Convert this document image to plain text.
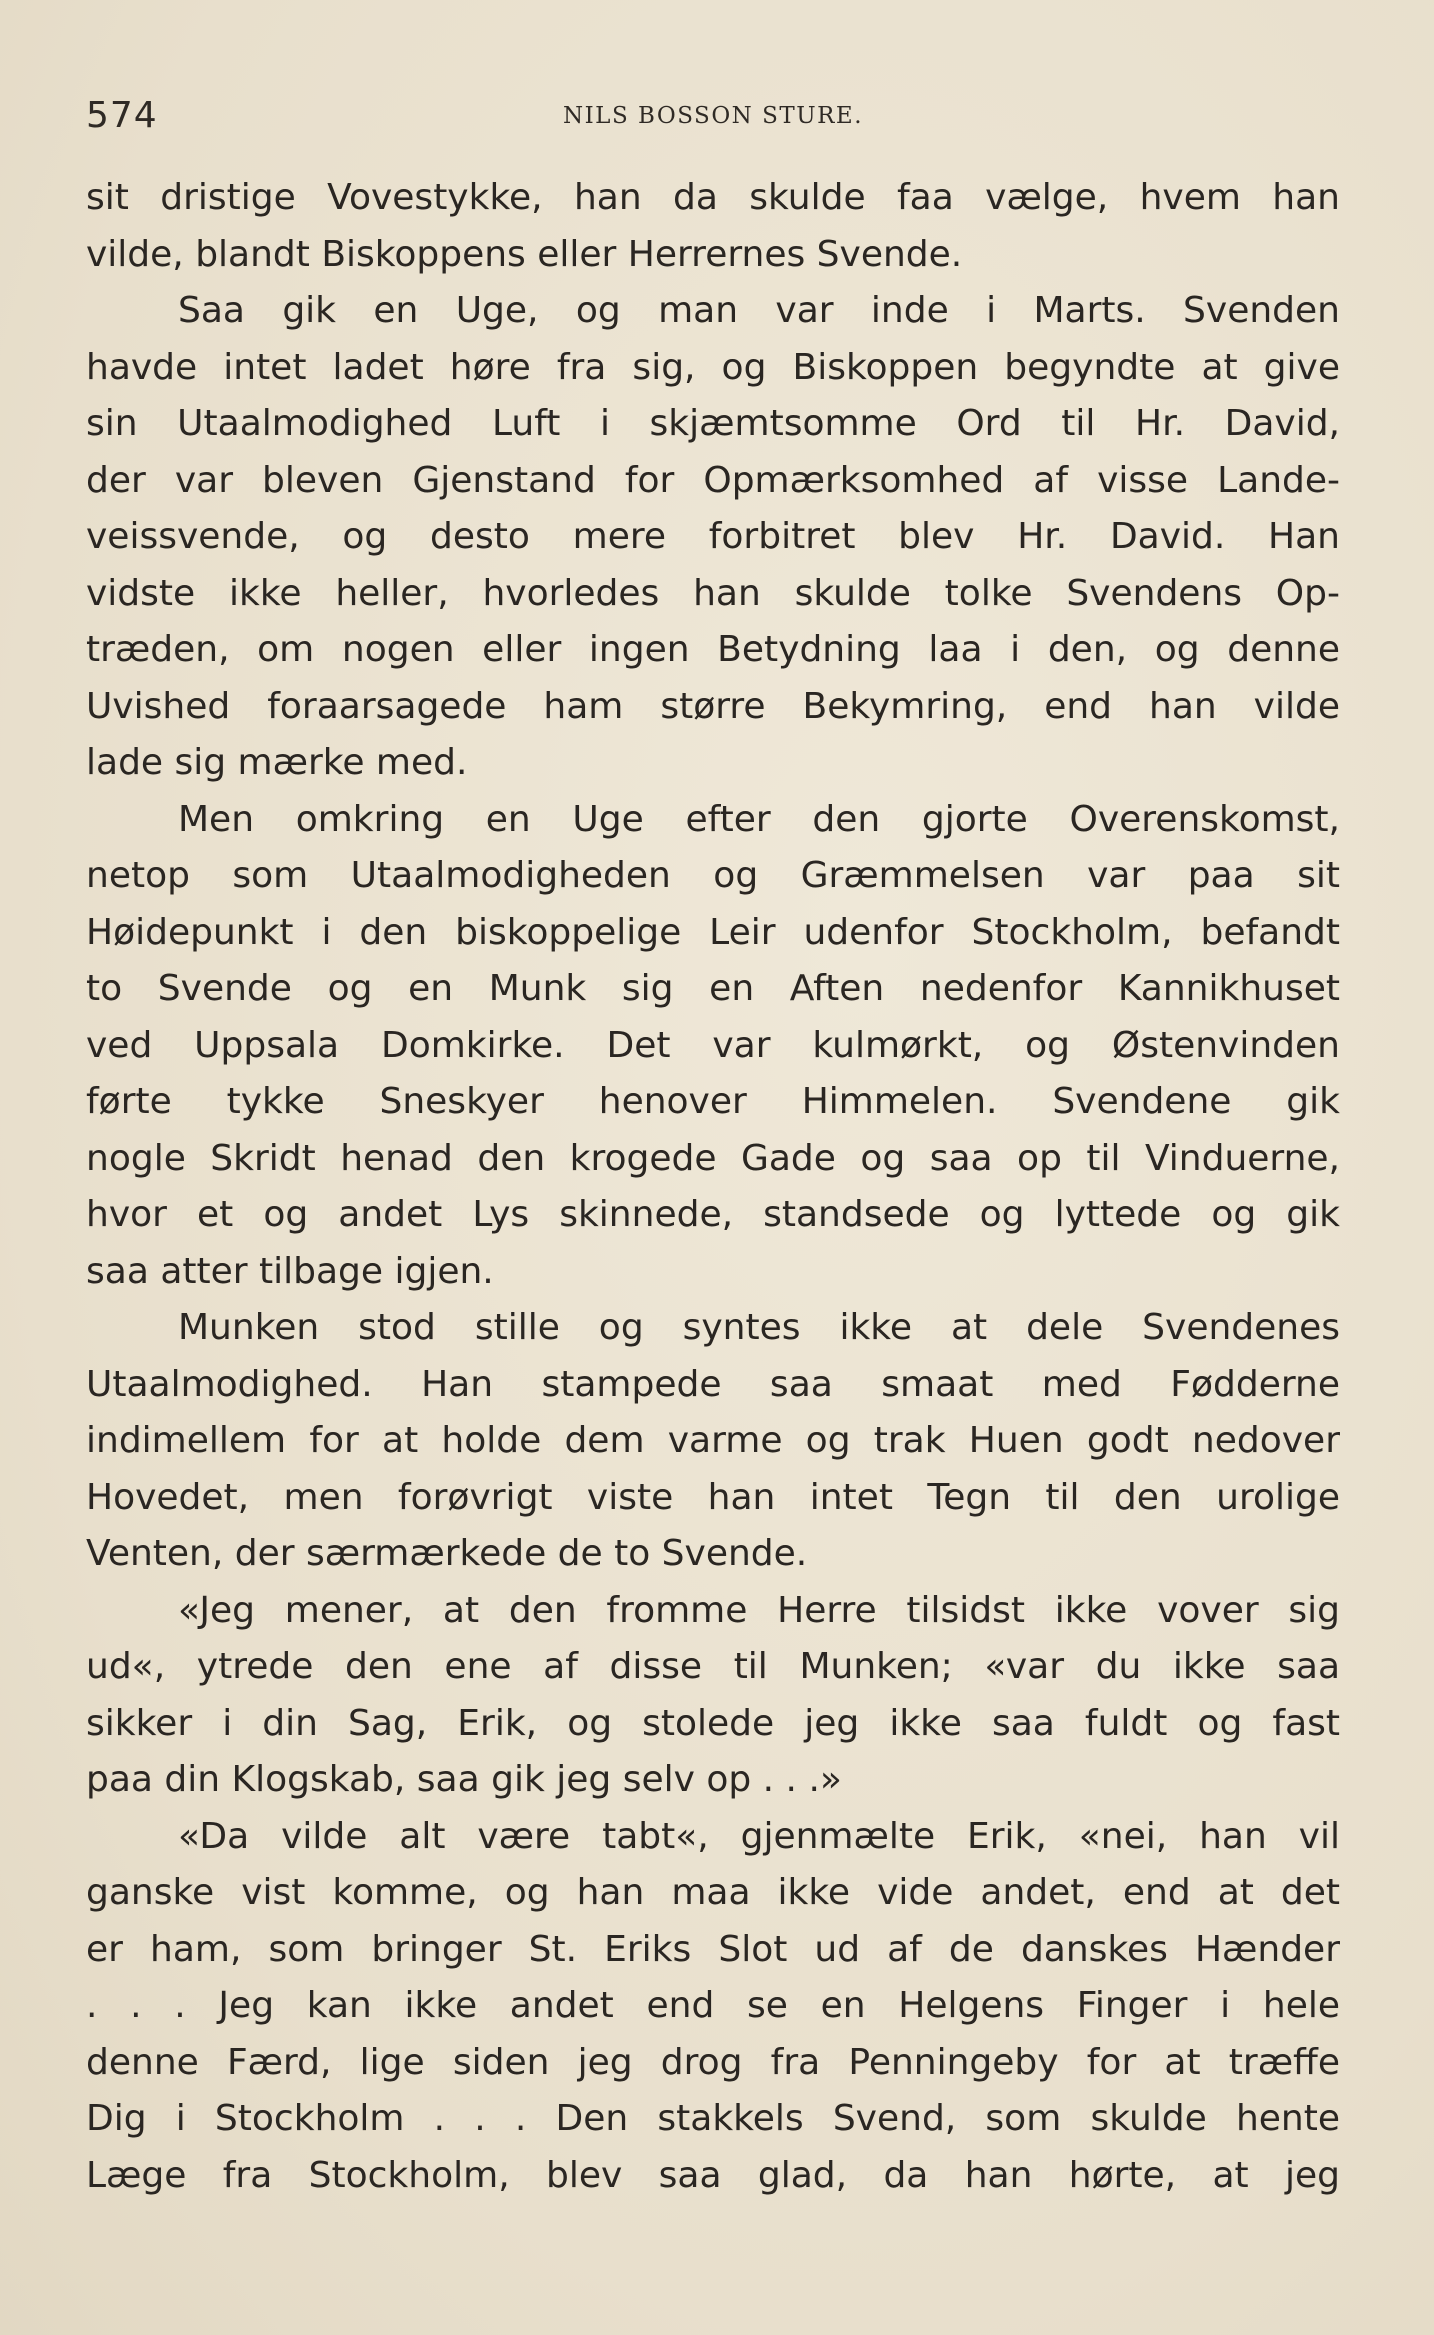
574	NILS BOSSON STURE.
sit dristige Vovestykke, han da skulde faa vælge, hvem han
vilde, blandt Biskoppens eller Herrernes Svende.
Saa gik en Uge, og man var inde i Marts. Svenden
havde intet ladet høre fra sig, og Biskoppen begyndte at give
sin Utaalmodighed Luft i skjæmtsomme Ord til Hr. David,
der var bleven Gjenstand for Opmærksomhed af visse Lande-
veissvende, og desto mere forbitret blev Hr. David. Han
vidste ikke heller, hvorledes han skulde tolke Svendens Op-
træden, om nogen eller ingen Betydning laa i den, og denne
Uvished foraarsagede ham større Bekymring, end han vilde
lade sig mærke med.
Men omkring en Uge efter den gjorte Overenskomst,
netop som Utaalmodigheden og Græmmelsen var paa sit
Høidepunkt i den biskoppelige Leir udenfor Stockholm, befandt
to Svende og en Munk sig en Aften nedenfor Kannikhuset
ved Uppsala Domkirke. Det var kulmørkt, og Østenvinden
førte tykke Sneskyer henover Himmelen. Svendene gik
nogle Skridt henad den krogede Gade og saa op til Vinduerne,
hvor et og andet Lys skinnede, standsede og lyttede og gik
saa atter tilbage igjen.
Munken stod stille og syntes ikke at dele Svendenes
Utaalmodighed. Han stampede saa smaat med Fødderne
indimellem for at holde dem varme og trak Huen godt nedover
Hovedet, men forøvrigt viste han intet Tegn til den urolige
Venten, der særmærkede de to Svende.
«Jeg mener, at den fromme Herre tilsidst ikke vover sig
ud«, ytrede den ene af disse til Munken; «var du ikke saa
sikker i din Sag, Erik, og stolede jeg ikke saa fuldt og fast
paa din Klogskab, saa gik jeg selv op . . .»
«Da vilde alt være tabt«, gjenmælte Erik, «nei, han vil
ganske vist komme, og han maa ikke vide andet, end at det
er ham, som bringer St. Eriks Slot ud af de danskes Hænder
. . . Jeg kan ikke andet end se en Helgens Finger i hele
denne Færd, lige siden jeg drog fra Penningeby for at træffe
Dig i Stockholm . . . Den stakkels Svend, som skulde hente
Læge fra Stockholm, blev saa glad, da han hørte, at jeg
